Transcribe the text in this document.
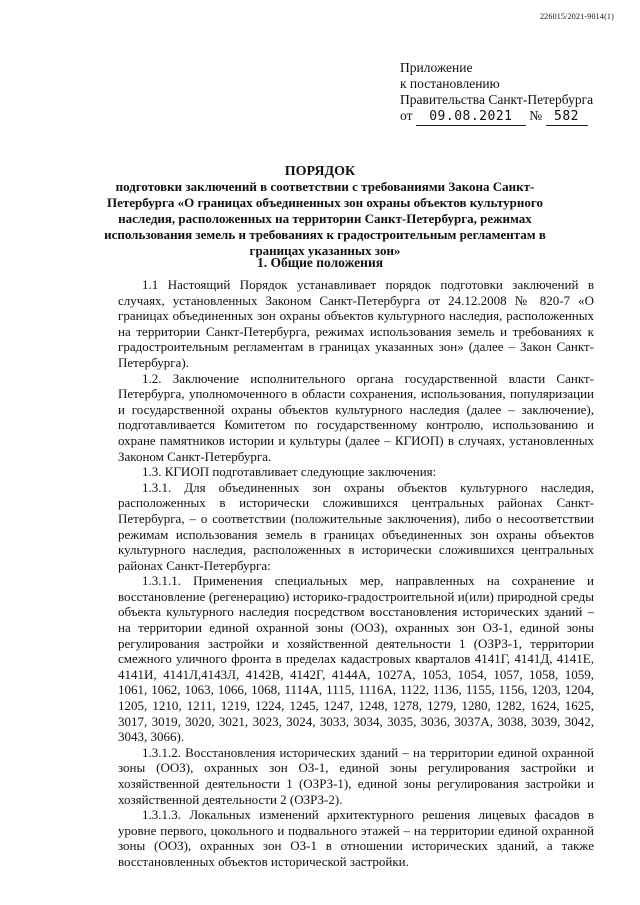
226015/2021-9014(1)
Приложение
к постановлению
Правительства Санкт-Петербурга
от 09.08.2021 № 582
ПОРЯДОК
подготовки заключений в соответствии с требованиями Закона Санкт-Петербурга «О границах объединенных зон охраны объектов культурного наследия, расположенных на территории Санкт-Петербурга, режимах использования земель и требованиях к градостроительным регламентам в границах указанных зон»
1. Общие положения

1.1 Настоящий Порядок устанавливает порядок подготовки заключений в случаях, установленных Законом Санкт-Петербурга от 24.12.2008 № 820-7 «О границах объединенных зон охраны объектов культурного наследия, расположенных на территории Санкт-Петербурга, режимах использования земель и требованиях к градостроительным регламентам в границах указанных зон» (далее – Закон Санкт-Петербурга).

1.2. Заключение исполнительного органа государственной власти Санкт-Петербурга, уполномоченного в области сохранения, использования, популяризации и государственной охраны объектов культурного наследия (далее – заключение), подготавливается Комитетом по государственному контролю, использованию и охране памятников истории и культуры (далее – КГИОП) в случаях, установленных Законом Санкт-Петербурга.

1.3. КГИОП подготавливает следующие заключения:

1.3.1. Для объединенных зон охраны объектов культурного наследия, расположенных в исторически сложившихся центральных районах Санкт-Петербурга, – о соответствии (положительные заключения), либо о несоответствии режимам использования земель в границах объединенных зон охраны объектов культурного наследия, расположенных в исторически сложившихся центральных районах Санкт-Петербурга:

1.3.1.1. Применения специальных мер, направленных на сохранение и восстановление (регенерацию) историко-градостроительной и(или) природной среды объекта культурного наследия посредством восстановления исторических зданий – на территории единой охранной зоны (ООЗ), охранных зон ОЗ-1, единой зоны регулирования застройки и хозяйственной деятельности 1 (ОЗРЗ-1, территории смежного уличного фронта в пределах кадастровых кварталов 4141Г, 4141Д, 4141Е, 4141И, 4141Л,4143Л, 4142В, 4142Г, 4144А, 1027А, 1053, 1054, 1057, 1058, 1059, 1061, 1062, 1063, 1066, 1068, 1114А, 1115, 1116А, 1122, 1136, 1155, 1156, 1203, 1204, 1205, 1210, 1211, 1219, 1224, 1245, 1247, 1248, 1278, 1279, 1280, 1282, 1624, 1625, 3017, 3019, 3020, 3021, 3023, 3024, 3033, 3034, 3035, 3036, 3037А, 3038, 3039, 3042, 3043, 3066).

1.3.1.2. Восстановления исторических зданий – на территории единой охранной зоны (ООЗ), охранных зон ОЗ-1, единой зоны регулирования застройки и хозяйственной деятельности 1 (ОЗРЗ-1), единой зоны регулирования застройки и хозяйственной деятельности 2 (ОЗРЗ-2).

1.3.1.3. Локальных изменений архитектурного решения лицевых фасадов в уровне первого, цокольного и подвального этажей – на территории единой охранной зоны (ООЗ), охранных зон ОЗ-1 в отношении исторических зданий, а также восстановленных объектов исторической застройки.
